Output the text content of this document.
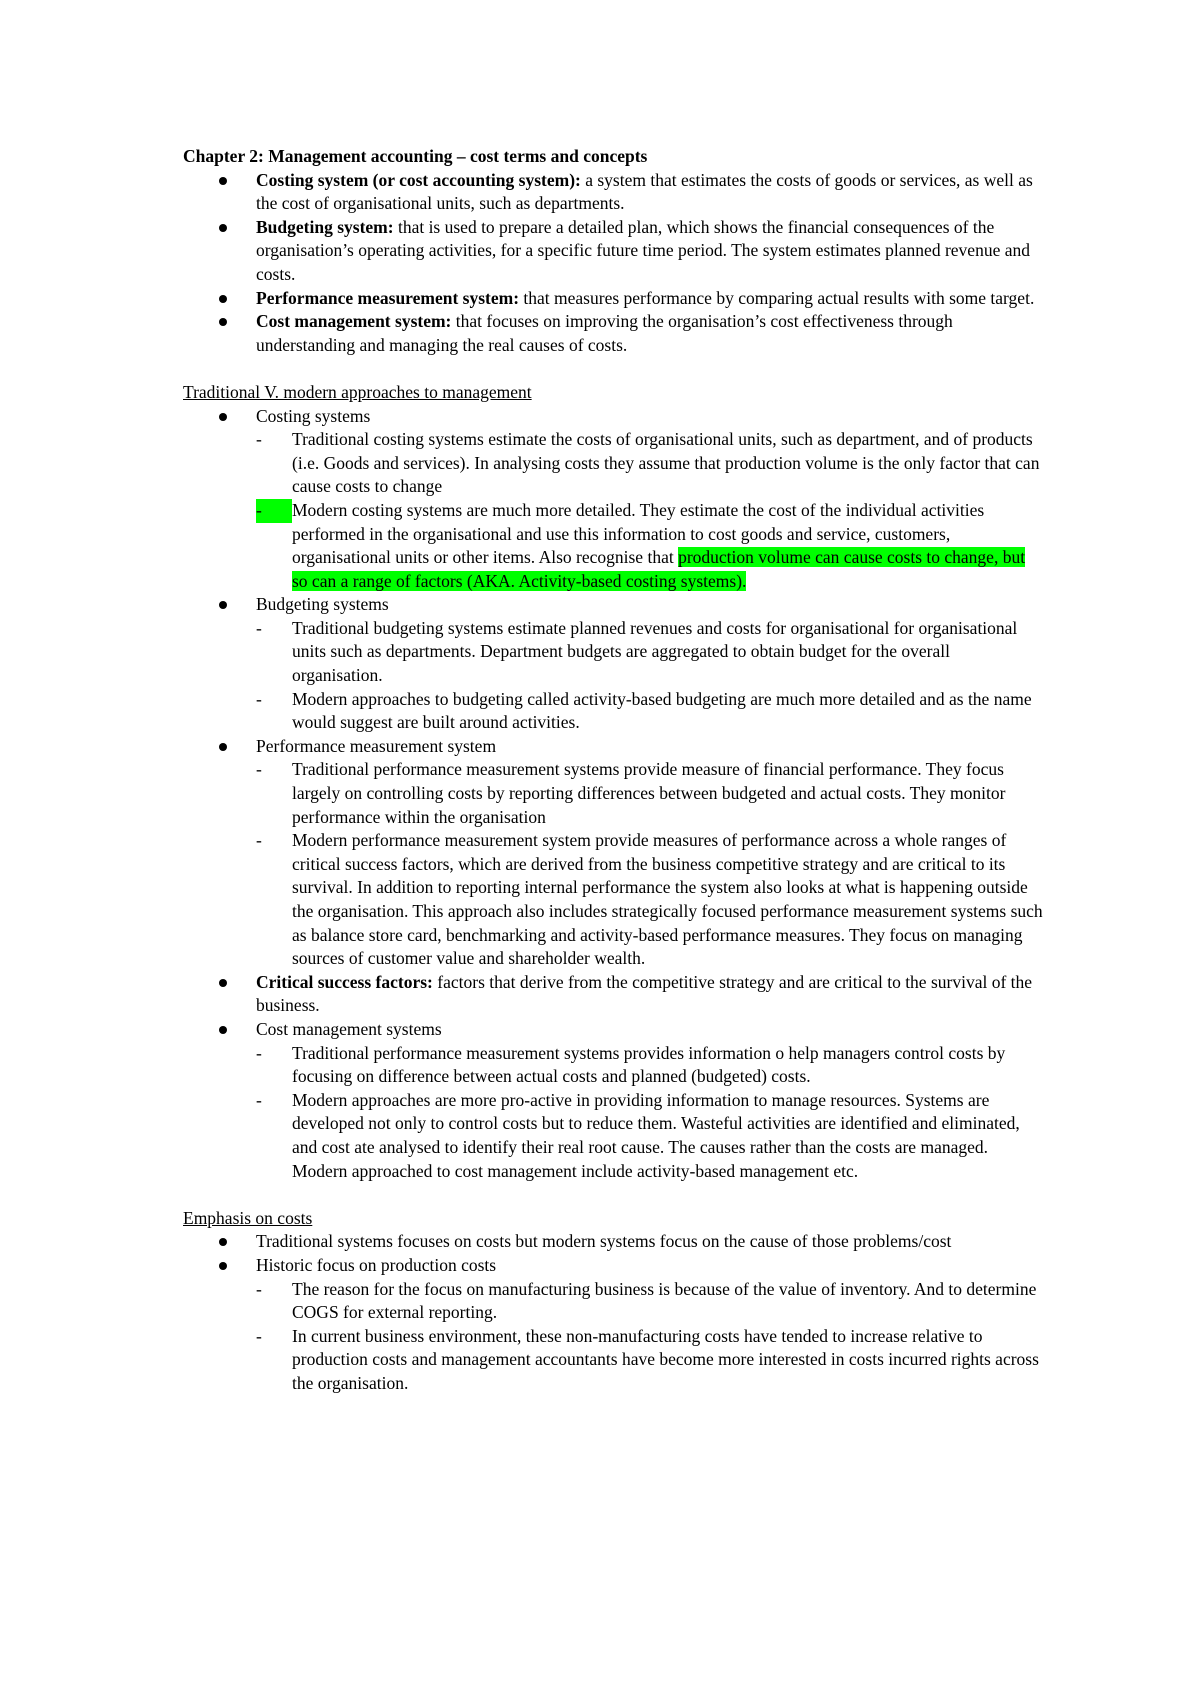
Chapter 2: Management accounting – cost terms and concepts
Costing system (or cost accounting system): a system that estimates the costs of goods or services, as well as the cost of organisational units, such as departments.
Budgeting system: that is used to prepare a detailed plan, which shows the financial consequences of the organisation’s operating activities, for a specific future time period. The system estimates planned revenue and costs.
Performance measurement system: that measures performance by comparing actual results with some target.
Cost management system: that focuses on improving the organisation’s cost effectiveness through understanding and managing the real causes of costs.
Traditional V. modern approaches to management
Costing systems
-	Traditional costing systems estimate the costs of organisational units, such as department, and of products (i.e. Goods and services). In analysing costs they assume that production volume is the only factor that can cause costs to change
-	Modern costing systems are much more detailed. They estimate the cost of the individual activities performed in the organisational and use this information to cost goods and service, customers, organisational units or other items. Also recognise that production volume can cause costs to change, but so can a range of factors (AKA. Activity-based costing systems).
Budgeting systems
-	Traditional budgeting systems estimate planned revenues and costs for organisational for organisational units such as departments. Department budgets are aggregated to obtain budget for the overall organisation.
-	Modern approaches to budgeting called activity-based budgeting are much more detailed and as the name would suggest are built around activities.
Performance measurement system
-	Traditional performance measurement systems provide measure of financial performance. They focus largely on controlling costs by reporting differences between budgeted and actual costs. They monitor performance within the organisation
-	Modern performance measurement system provide measures of performance across a whole ranges of critical success factors, which are derived from the business competitive strategy and are critical to its survival. In addition to reporting internal performance the system also looks at what is happening outside the organisation. This approach also includes strategically focused performance measurement systems such as balance store card, benchmarking and activity-based performance measures. They focus on managing sources of customer value and shareholder wealth.
Critical success factors: factors that derive from the competitive strategy and are critical to the survival of the business.
Cost management systems
-	Traditional performance measurement systems provides information o help managers control costs by focusing on difference between actual costs and planned (budgeted) costs.
-	Modern approaches are more pro-active in providing information to manage resources. Systems are developed not only to control costs but to reduce them. Wasteful activities are identified and eliminated, and cost ate analysed to identify their real root cause. The causes rather than the costs are managed. Modern approached to cost management include activity-based management etc.
Emphasis on costs
Traditional systems focuses on costs but modern systems focus on the cause of those problems/cost
Historic focus on production costs
-	The reason for the focus on manufacturing business is because of the value of inventory. And to determine COGS for external reporting.
-	In current business environment, these non-manufacturing costs have tended to increase relative to production costs and management accountants have become more interested in costs incurred rights across the organisation.
